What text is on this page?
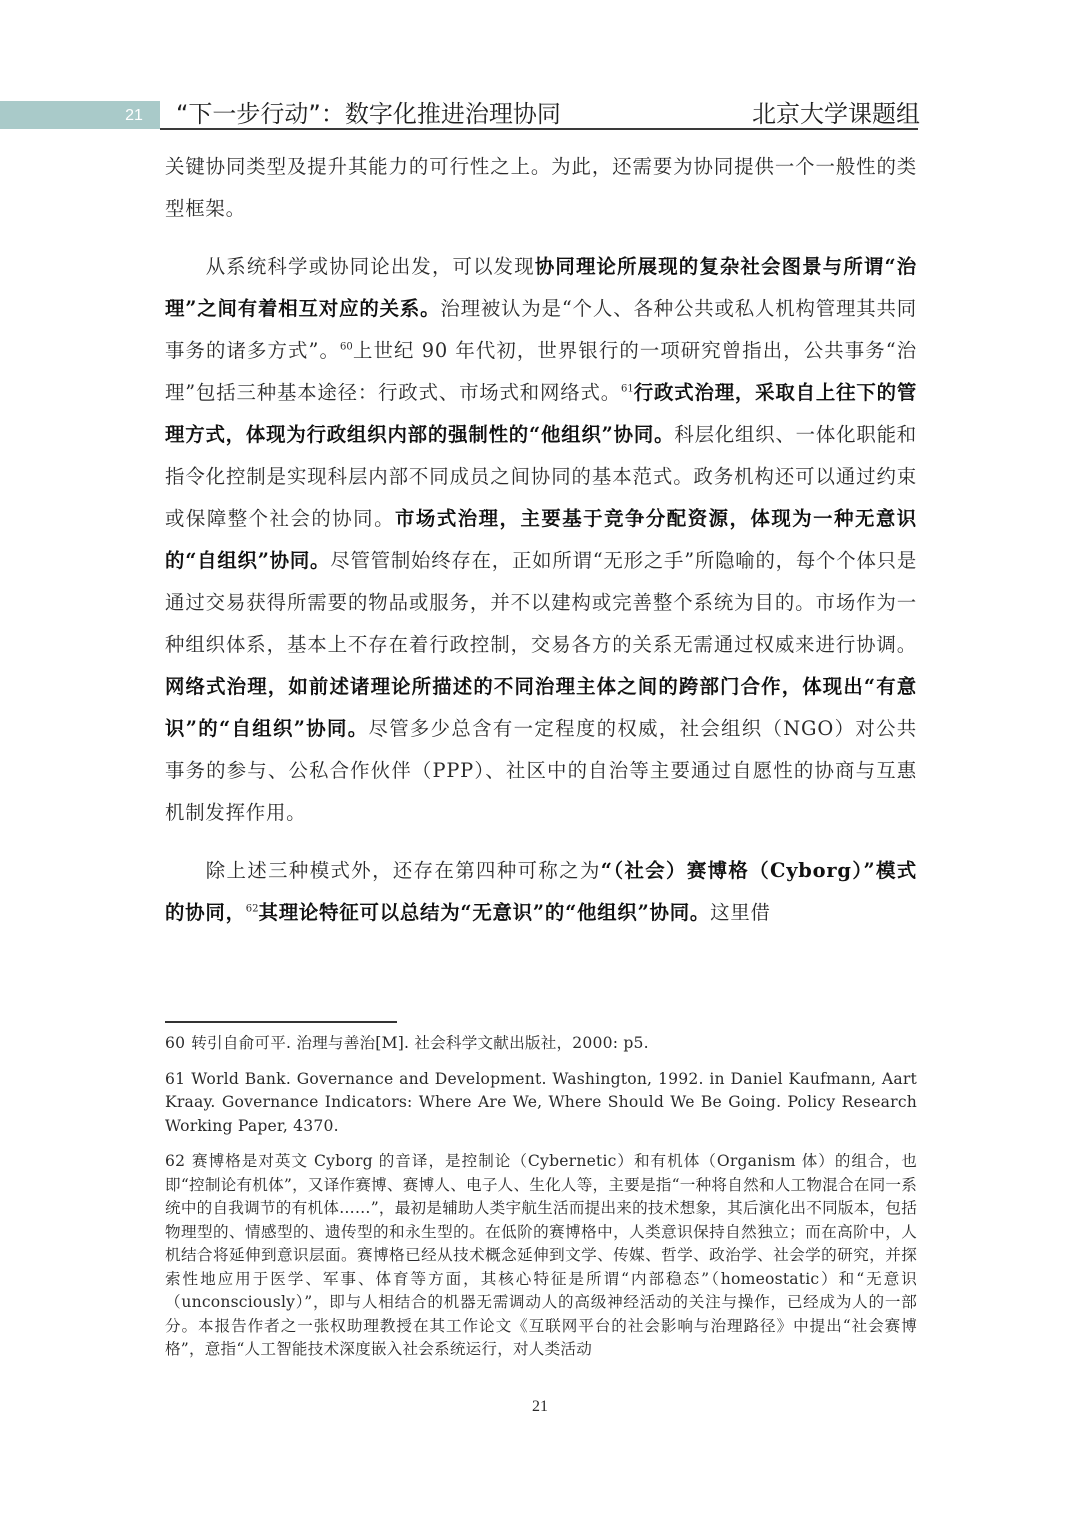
21	“下一步行动”：数字化推进治理协同	北京大学课题组

关键协同类型及提升其能力的可行性之上。为此，还需要为协同提供一个一般性的类型框架。

从系统科学或协同论出发，可以发现协同理论所展现的复杂社会图景与所谓“治理”之间有着相互对应的关系。治理被认为是“个人、各种公共或私人机构管理其共同事务的诸多方式”。$^{60}$上世纪 90 年代初，世界银行的一项研究曾指出，公共事务“治理”包括三种基本途径：行政式、市场式和网络式。$^{61}$行政式治理，采取自上往下的管理方式，体现为行政组织内部的强制性的“他组织”协同。科层化组织、一体化职能和指令化控制是实现科层内部不同成员之间协同的基本范式。政务机构还可以通过约束或保障整个社会的协同。市场式治理，主要基于竞争分配资源，体现为一种无意识的“自组织”协同。尽管管制始终存在，正如所谓“无形之手”所隐喻的，每个个体只是通过交易获得所需要的物品或服务，并不以建构或完善整个系统为目的。市场作为一种组织体系，基本上不存在着行政控制，交易各方的关系无需通过权威来进行协调。网络式治理，如前述诸理论所描述的不同治理主体之间的跨部门合作，体现出“有意识”的“自组织”协同。尽管多少总含有一定程度的权威，社会组织（NGO）对公共事务的参与、公私合作伙伴（PPP）、社区中的自治等主要通过自愿性的协商与互惠机制发挥作用。

除上述三种模式外，还存在第四种可称之为“（社会）赛博格（Cyborg）”模式的协同，$^{62}$其理论特征可以总结为“无意识”的“他组织”协同。这里借

60 转引自俞可平. 治理与善治[M]. 社会科学文献出版社，2000: p5.

61 World Bank. Governance and Development. Washington, 1992. in Daniel Kaufmann, Aart Kraay. Governance Indicators: Where Are We, Where Should We Be Going. Policy Research Working Paper, 4370.

62 赛博格是对英文 Cyborg 的音译，是控制论（Cybernetic）和有机体（Organism 体）的组合，也即“控制论有机体”，又译作赛博、赛博人、电子人、生化人等，主要是指“一种将自然和人工物混合在同一系统中的自我调节的有机体……”，最初是辅助人类宇航生活而提出来的技术想象，其后演化出不同版本，包括物理型的、情感型的、遗传型的和永生型的。在低阶的赛博格中，人类意识保持自然独立；而在高阶中，人机结合将延伸到意识层面。赛博格已经从技术概念延伸到文学、传媒、哲学、政治学、社会学的研究，并探索性地应用于医学、军事、体育等方面，其核心特征是所谓“内部稳态”（homeostatic）和“无意识（unconsciously）”，即与人相结合的机器无需调动人的高级神经活动的关注与操作，已经成为人的一部分。本报告作者之一张权助理教授在其工作论文《互联网平台的社会影响与治理路径》中提出“社会赛博格”，意指“人工智能技术深度嵌入社会系统运行，对人类活动

21
